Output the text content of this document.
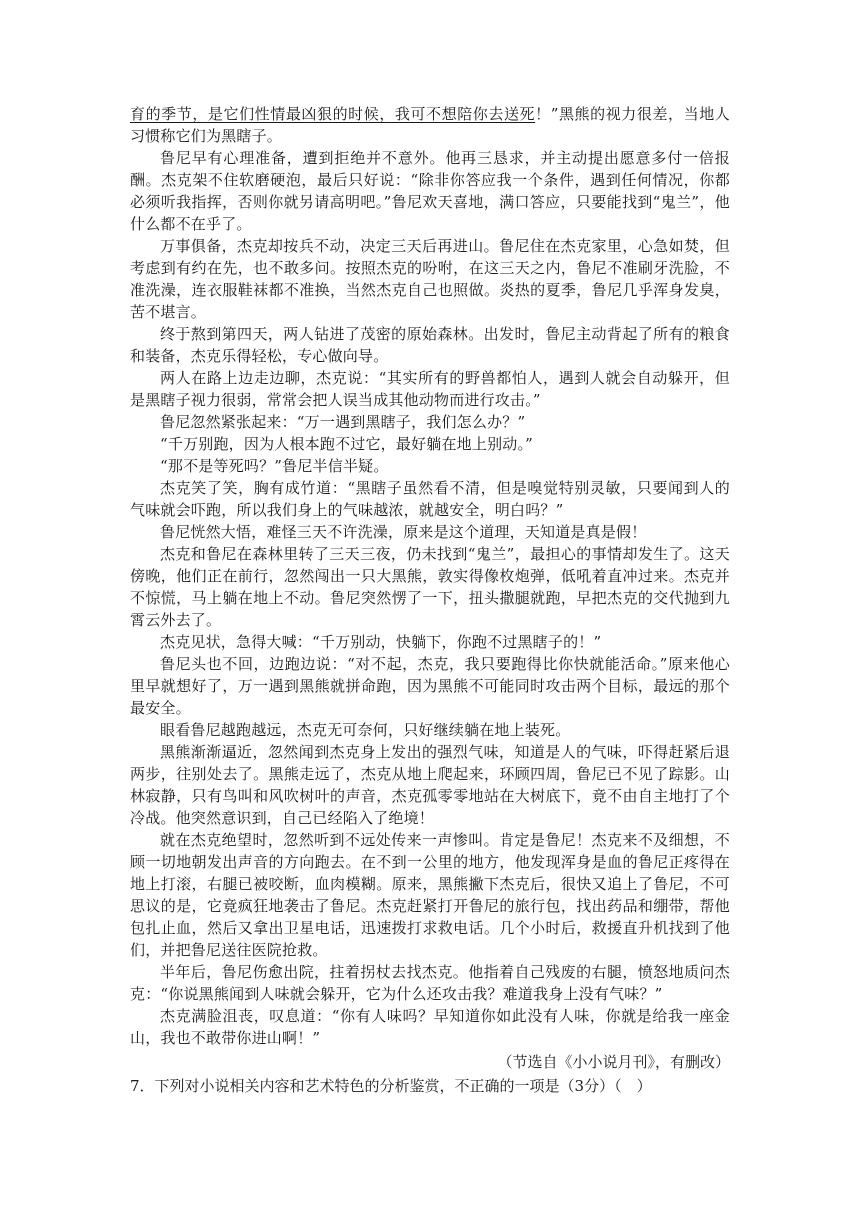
育的季节，是它们性情最凶狠的时候，我可不想陪你去送死！”黑熊的视力很差，当地人习惯称它们为黑瞎子。

鲁尼早有心理准备，遭到拒绝并不意外。他再三恳求，并主动提出愿意多付一倍报酬。杰克架不住软磨硬泡，最后只好说：“除非你答应我一个条件，遇到任何情况，你都必须听我指挥，否则你就另请高明吧。”鲁尼欢天喜地，满口答应，只要能找到“鬼兰”，他什么都不在乎了。

万事俱备，杰克却按兵不动，决定三天后再进山。鲁尼住在杰克家里，心急如焚，但考虑到有约在先，也不敢多问。按照杰克的吩咐，在这三天之内，鲁尼不准刷牙洗脸，不准洗澡，连衣服鞋袜都不准换，当然杰克自己也照做。炎热的夏季，鲁尼几乎浑身发臭，苦不堪言。

终于熬到第四天，两人钻进了茂密的原始森林。出发时，鲁尼主动背起了所有的粮食和装备，杰克乐得轻松，专心做向导。

两人在路上边走边聊，杰克说：“其实所有的野兽都怕人，遇到人就会自动躲开，但是黑瞎子视力很弱，常常会把人误当成其他动物而进行攻击。”

鲁尼忽然紧张起来：“万一遇到黑瞎子，我们怎么办？”

“千万别跑，因为人根本跑不过它，最好躺在地上别动。”

“那不是等死吗？”鲁尼半信半疑。

杰克笑了笑，胸有成竹道：“黑瞎子虽然看不清，但是嗅觉特别灵敏，只要闻到人的气味就会吓跑，所以我们身上的气味越浓，就越安全，明白吗？”

鲁尼恍然大悟，难怪三天不许洗澡，原来是这个道理，天知道是真是假！

杰克和鲁尼在森林里转了三天三夜，仍未找到“鬼兰”，最担心的事情却发生了。这天傍晚，他们正在前行，忽然闯出一只大黑熊，敦实得像枚炮弹，低吼着直冲过来。杰克并不惊慌，马上躺在地上不动。鲁尼突然愣了一下，扭头撒腿就跑，早把杰克的交代抛到九霄云外去了。

杰克见状，急得大喊：“千万别动，快躺下，你跑不过黑瞎子的！”

鲁尼头也不回，边跑边说：“对不起，杰克，我只要跑得比你快就能活命。”原来他心里早就想好了，万一遇到黑熊就拼命跑，因为黑熊不可能同时攻击两个目标，最远的那个最安全。

眼看鲁尼越跑越远，杰克无可奈何，只好继续躺在地上装死。

黑熊渐渐逼近，忽然闻到杰克身上发出的强烈气味，知道是人的气味，吓得赶紧后退两步，往别处去了。黑熊走远了，杰克从地上爬起来，环顾四周，鲁尼已不见了踪影。山林寂静，只有鸟叫和风吹树叶的声音，杰克孤零零地站在大树底下，竟不由自主地打了个冷战。他突然意识到，自己已经陷入了绝境！

就在杰克绝望时，忽然听到不远处传来一声惨叫。肯定是鲁尼！杰克来不及细想，不顾一切地朝发出声音的方向跑去。在不到一公里的地方，他发现浑身是血的鲁尼正疼得在地上打滚，右腿已被咬断，血肉模糊。原来，黑熊撇下杰克后，很快又追上了鲁尼，不可思议的是，它竟疯狂地袭击了鲁尼。杰克赶紧打开鲁尼的旅行包，找出药品和绷带，帮他包扎止血，然后又拿出卫星电话，迅速拨打求救电话。几个小时后，救援直升机找到了他们，并把鲁尼送往医院抢救。

半年后，鲁尼伤愈出院，拄着拐杖去找杰克。他指着自己残废的右腿，愤怒地质问杰克：“你说黑熊闻到人味就会躲开，它为什么还攻击我？难道我身上没有气味？”

杰克满脸沮丧，叹息道：“你有人味吗？早知道你如此没有人味，你就是给我一座金山，我也不敢带你进山啊！”

（节选自《小小说月刊》，有删改）

7．下列对小说相关内容和艺术特色的分析鉴赏，不正确的一项是（3分）（　）
